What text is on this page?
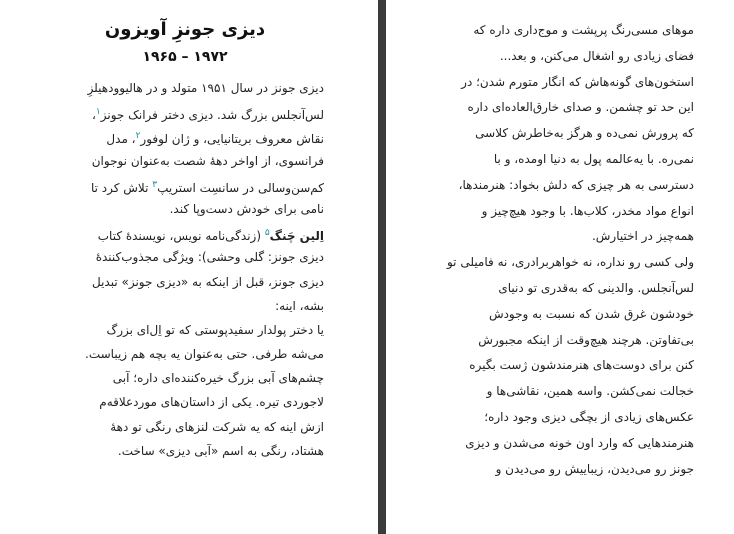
دیزی جونزِ آویزون
۱۹۷۲ – ۱۹۶۵
دیزی جونز در سال ۱۹۵۱ متولد و در هالیوودهیلزِ
لس‌آنجلس بزرگ شد. دیزی دختر فرانک جونز$^۱$،
نقاش معروف بریتانیایی، و ژان لوفور$^۲$، مدل
فرانسوی، از اواخر دههٔ شصت به‌عنوان نوجوان
کم‌سن‌وسالی در سانسِت استریپ$^۳$ تلاش کرد تا
نامی برای خودش دست‌وپا کند.
اِلین چَنگ$^۵$ (زندگی‌نامه نویس، نویسندهٔ کتاب
دیزی جونز: گلی وحشی): ویژگی مجذوب‌کنندهٔ
دیزی جونز، قبل از اینکه به «دیزی جونز» تبدیل
بشه، اینه:
یا دختر پولدار سفیدپوستی که تو اِل‌ای بزرگ
می‌شه طرفی. حتی به‌عنوان یه بچه هم زیباست.
چشم‌های آبی بزرگ خیره‌کننده‌ای داره؛ آبی
لاجوردی تیره. یکی از داستان‌های موردعلاقه‌م
ازش اینه که یه شرکت لنزهای رنگی تو دههٔ
هشتاد، رنگی به اسم «آبی دیزی» ساخت.
موهای مسی‌رنگ پرپشت و موج‌داری داره که
فضای زیادی رو اشغال می‌کنن، و بعد...
استخون‌های گونه‌هاش که انگار متورم شدن؛ در
این حد تو چشمن. و صدای خارق‌العاده‌ای داره
که پرورش نمی‌ده و هرگز به‌خاطرش کلاسی
نمی‌ره. با یه‌عالمه پول به دنیا اومده، و با
دسترسی به هر چیزی که دلش بخواد: هنرمندها،
انواع مواد مخدر، کلاب‌ها. با وجود هیچ‌چیز و
همه‌چیز در اختیارش.
ولی کسی رو نداره، نه خواهربرادری، نه فامیلی تو
لس‌آنجلس. والدینی که به‌قدری تو دنیای
خودشون غرق شدن که نسبت به وجودش
بی‌تفاوتن. هرچند هیچ‌وقت از اینکه مجبورش
کنن برای دوست‌های هنرمندشون ژست بگیره
خجالت نمی‌کشن. واسه همین، نقاشی‌ها و
عکس‌های زیادی از بچگی دیزی وجود داره؛
هنرمندهایی که وارد اون خونه می‌شدن و دیزی
جونز رو می‌دیدن، زیباییش رو می‌دیدن و
